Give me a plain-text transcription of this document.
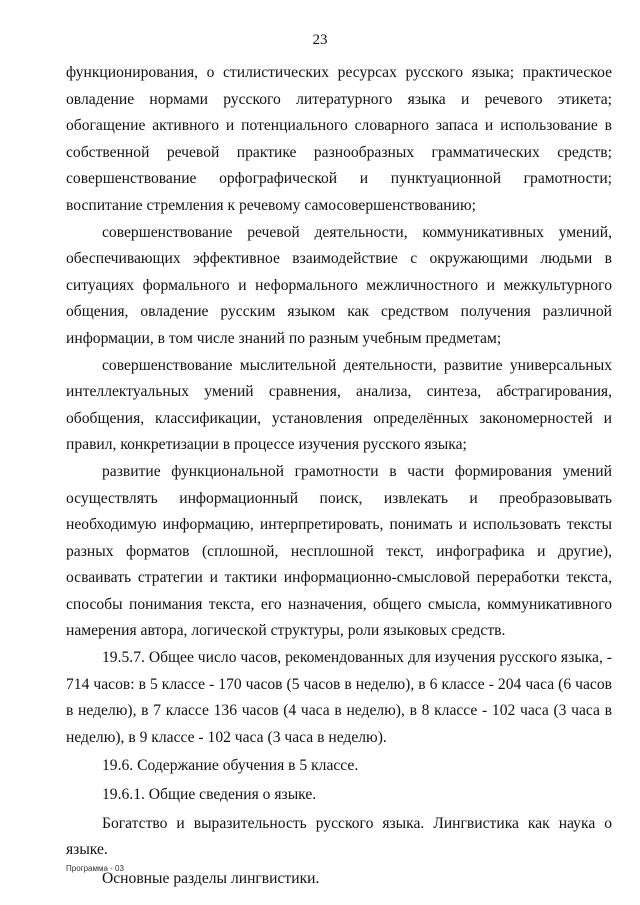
23

функционирования, о стилистических ресурсах русского языка; практическое овладение нормами русского литературного языка и речевого этикета; обогащение активного и потенциального словарного запаса и использование в собственной речевой практике разнообразных грамматических средств; совершенствование орфографической и пунктуационной грамотности; воспитание стремления к речевому самосовершенствованию;

совершенствование речевой деятельности, коммуникативных умений, обеспечивающих эффективное взаимодействие с окружающими людьми в ситуациях формального и неформального межличностного и межкультурного общения, овладение русским языком как средством получения различной информации, в том числе знаний по разным учебным предметам;

совершенствование мыслительной деятельности, развитие универсальных интеллектуальных умений сравнения, анализа, синтеза, абстрагирования, обобщения, классификации, установления определённых закономерностей и правил, конкретизации в процессе изучения русского языка;

развитие функциональной грамотности в части формирования умений осуществлять информационный поиск, извлекать и преобразовывать необходимую информацию, интерпретировать, понимать и использовать тексты разных форматов (сплошной, несплошной текст, инфографика и другие), осваивать стратегии и тактики информационно-смысловой переработки текста, способы понимания текста, его назначения, общего смысла, коммуникативного намерения автора, логической структуры, роли языковых средств.

19.5.7. Общее число часов, рекомендованных для изучения русского языка, - 714 часов: в 5 классе - 170 часов (5 часов в неделю), в 6 классе - 204 часа (6 часов в неделю), в 7 классе 136 часов (4 часа в неделю), в 8 классе - 102 часа (3 часа в неделю), в 9 классе - 102 часа (3 часа в неделю).

19.6. Содержание обучения в 5 классе.

19.6.1. Общие сведения о языке.

Богатство и выразительность русского языка. Лингвистика как наука о языке.

Основные разделы лингвистики.

Программа - 03
